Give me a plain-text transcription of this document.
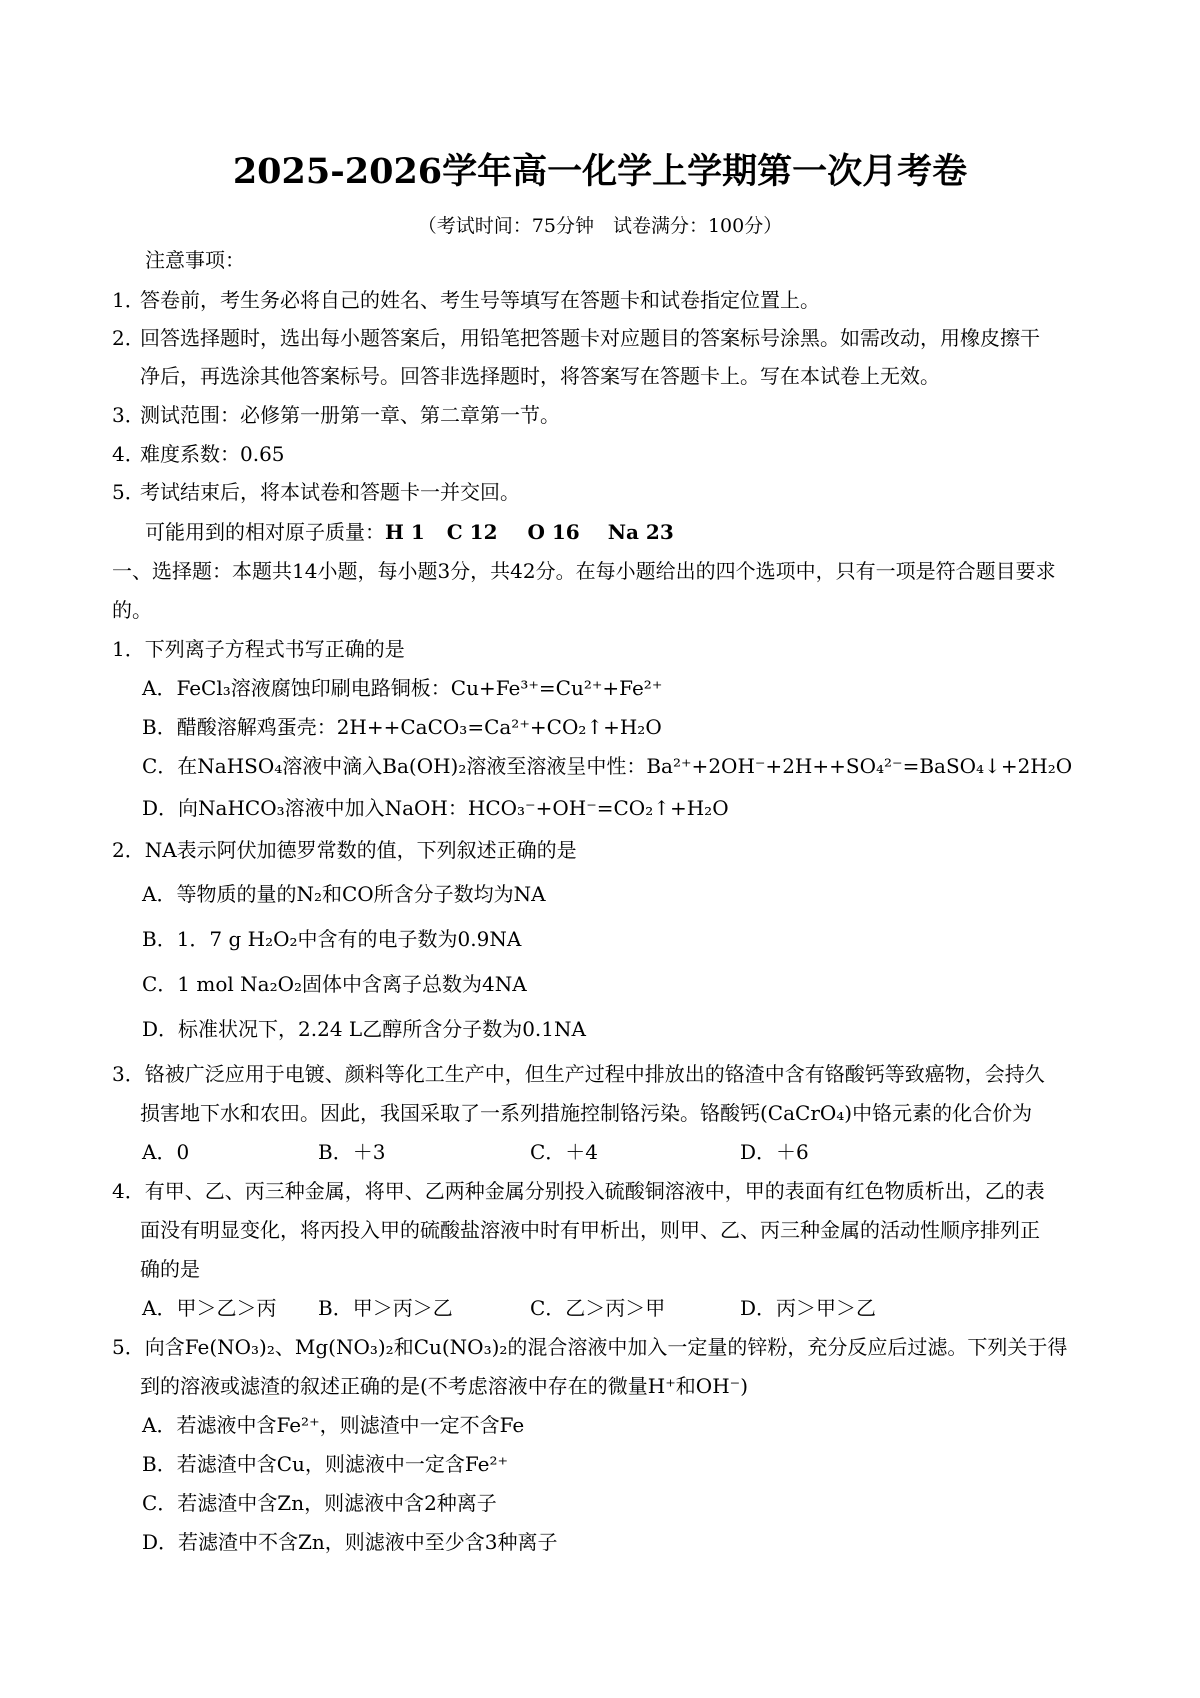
2025-2026学年高一化学上学期第一次月考卷
（考试时间：75分钟　试卷满分：100分）
注意事项：
1．答卷前，考生务必将自己的姓名、考生号等填写在答题卡和试卷指定位置上。
2．回答选择题时，选出每小题答案后，用铅笔把答题卡对应题目的答案标号涂黑。如需改动，用橡皮擦干
净后，再选涂其他答案标号。回答非选择题时，将答案写在答题卡上。写在本试卷上无效。
3．测试范围：必修第一册第一章、第二章第一节。
4．难度系数：0.65
5．考试结束后，将本试卷和答题卡一并交回。
可能用到的相对原子质量：H 1 C 12 O 16 Na 23
一、选择题：本题共14小题，每小题3分，共42分。在每小题给出的四个选项中，只有一项是符合题目要求
的。
1．下列离子方程式书写正确的是
A．FeCl₃溶液腐蚀印刷电路铜板：Cu+Fe³⁺=Cu²⁺+Fe²⁺
B．醋酸溶解鸡蛋壳：2H++CaCO₃=Ca²⁺+CO₂↑+H₂O
C．在NaHSO₄溶液中滴入Ba(OH)₂溶液至溶液呈中性：Ba²⁺+2OH⁻+2H++SO₄²⁻=BaSO₄↓+2H₂O
D．向NaHCO₃溶液中加入NaOH：HCO₃⁻+OH⁻=CO₂↑+H₂O
2．NA表示阿伏加德罗常数的值，下列叙述正确的是
A．等物质的量的N₂和CO所含分子数均为NA
B．1．7 g H₂O₂中含有的电子数为0.9NA
C．1 mol Na₂O₂固体中含离子总数为4NA
D．标准状况下，2.24 L乙醇所含分子数为0.1NA
3．铬被广泛应用于电镀、颜料等化工生产中，但生产过程中排放出的铬渣中含有铬酸钙等致癌物，会持久
损害地下水和农田。因此，我国采取了一系列措施控制铬污染。铬酸钙(CaCrO₄)中铬元素的化合价为
A．0	B．＋3	C．＋4	D．＋6
4．有甲、乙、丙三种金属，将甲、乙两种金属分别投入硫酸铜溶液中，甲的表面有红色物质析出，乙的表
面没有明显变化，将丙投入甲的硫酸盐溶液中时有甲析出，则甲、乙、丙三种金属的活动性顺序排列正
确的是
A．甲＞乙＞丙 B．甲＞丙＞乙	C．乙＞丙＞甲	D．丙＞甲＞乙
5．向含Fe(NO₃)₂、Mg(NO₃)₂和Cu(NO₃)₂的混合溶液中加入一定量的锌粉，充分反应后过滤。下列关于得
到的溶液或滤渣的叙述正确的是(不考虑溶液中存在的微量H⁺和OH⁻)
A．若滤液中含Fe²⁺，则滤渣中一定不含Fe
B．若滤渣中含Cu，则滤液中一定含Fe²⁺
C．若滤渣中含Zn，则滤液中含2种离子
D．若滤渣中不含Zn，则滤液中至少含3种离子
